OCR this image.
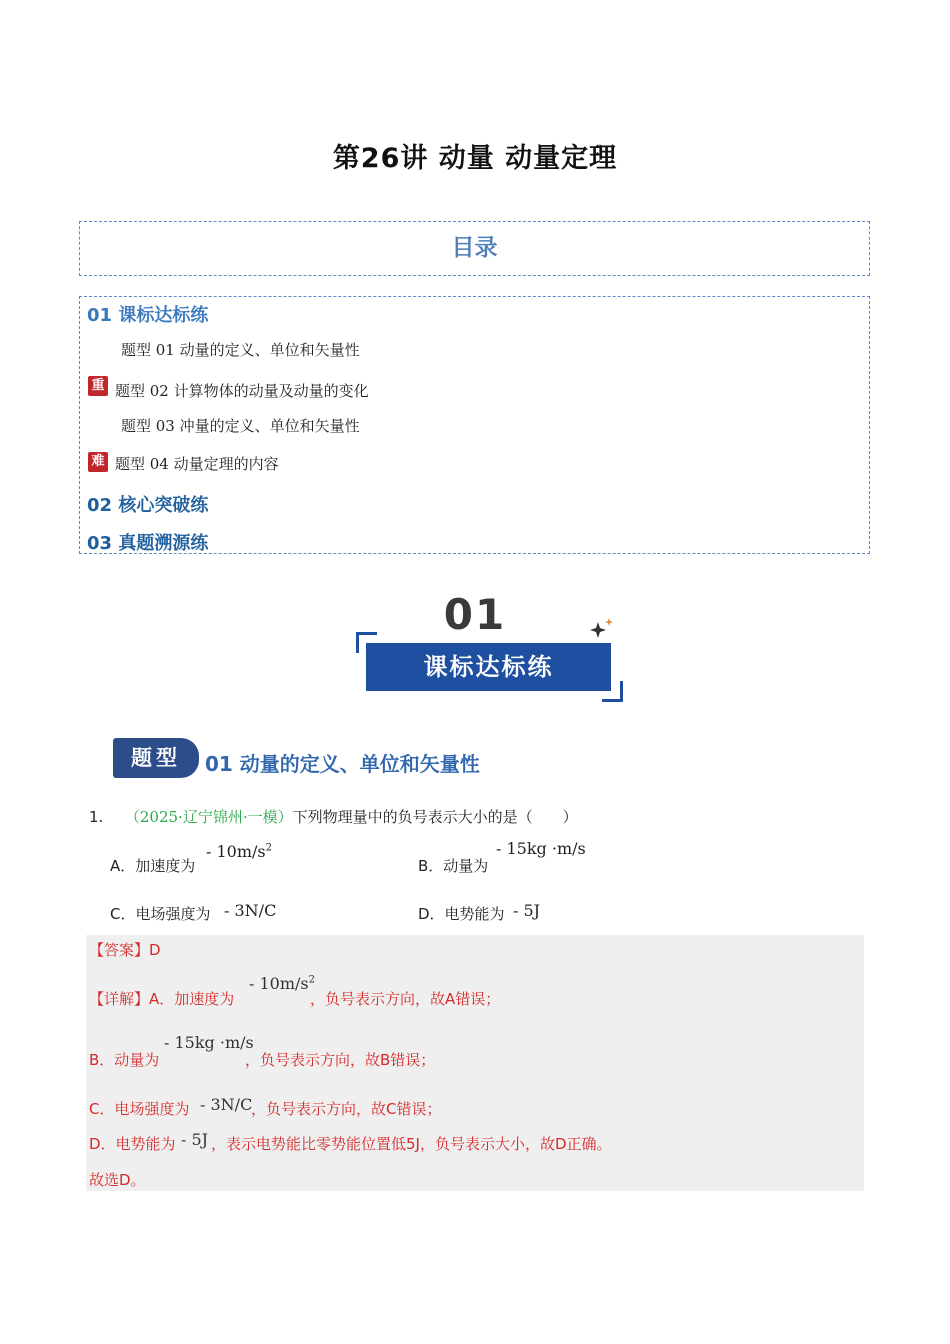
第26讲 动量 动量定理
目录
01 课标达标练
题型 01 动量的定义、单位和矢量性
重 题型 02 计算物体的动量及动量的变化
题型 03 冲量的定义、单位和矢量性
难 题型 04 动量定理的内容
02 核心突破练
03 真题溯源练
01
课标达标练
题型	01 动量的定义、单位和矢量性
1. （2025·辽宁锦州·一模）下列物理量中的负号表示大小的是（　　）
A．加速度为
- $10m/s^2$
B．动量为
- 15kg ·m/s
C．电场强度为 - 3N/C	D．电势能为 - 5J
【答案】D
【详解】A．加速度为
- $10m/s^2$
，负号表示方向，故A错误；
B．动量为
- 15kg ·m/s
，负号表示方向，故B错误；
C．电场强度为 - 3N/C
，负号表示方向，故C错误；
D．电势能为 - 5J ，表示电势能比零势能位置低5J，负号表示大小，故D正确。
故选D。
